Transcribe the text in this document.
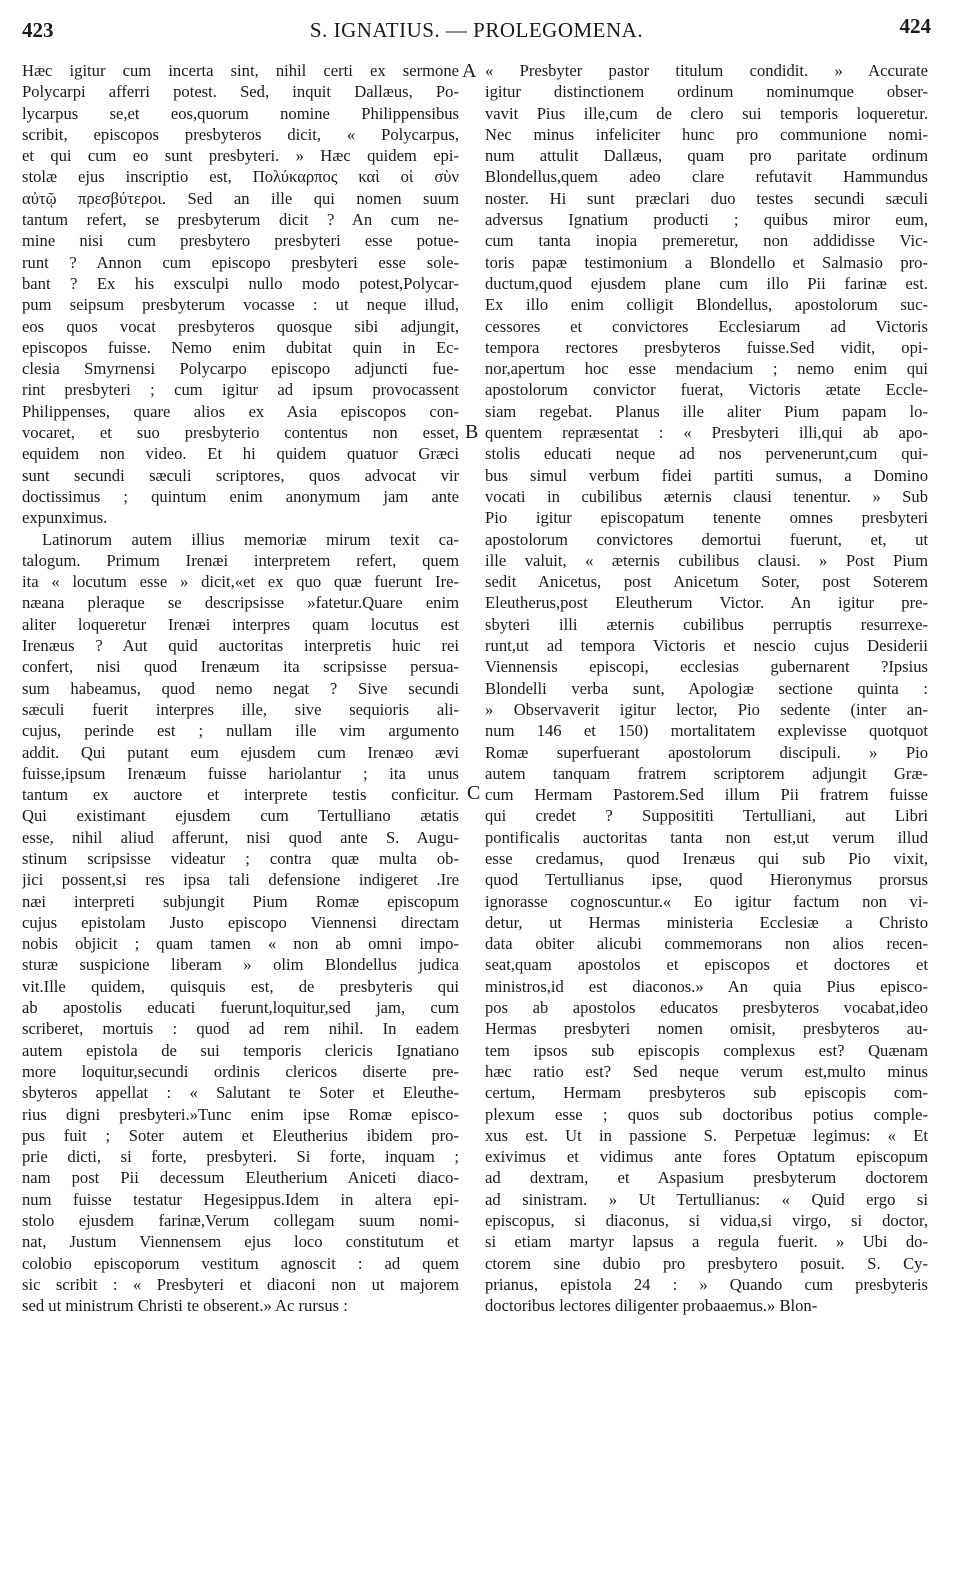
423	S. IGNATIUS. — PROLEGOMENA.	424
A
B
C
Hæc igitur cum incerta sint, nihil certi ex sermone
Polycarpi afferri potest. Sed, inquit Dallæus, Po-
lycarpus se,et eos,quorum nomine Philippensibus
scribit, episcopos presbyteros dicit, « Polycarpus,
et qui cum eo sunt presbyteri. » Hæc quidem epi-
stolæ ejus inscriptio est, Πολύκαρπος καὶ οἱ σὺν
αὐτῷ πρεσβύτεροι. Sed an ille qui nomen suum
tantum refert, se presbyterum dicit ? An cum ne-
mine nisi cum presbytero presbyteri esse potue-
runt ? Annon cum episcopo presbyteri esse sole-
bant ? Ex his exsculpi nullo modo potest,Polycar-
pum seipsum presbyterum vocasse : ut neque illud,
eos quos vocat presbyteros quosque sibi adjungit,
episcopos fuisse. Nemo enim dubitat quin in Ec-
clesia Smyrnensi Polycarpo episcopo adjuncti fue-
rint presbyteri ; cum igitur ad ipsum provocassent
Philippenses, quare alios ex Asia episcopos con-
vocaret, et suo presbyterio contentus non esset,
equidem non video. Et hi quidem quatuor Græci
sunt secundi sæculi scriptores, quos advocat vir
doctissimus ; quintum enim anonymum jam ante
expunximus.
Latinorum autem illius memoriæ mirum texit ca-
talogum. Primum Irenæi interpretem refert, quem
ita « locutum esse » dicit,«et ex quo quæ fuerunt Ire-
næana pleraque se descripsisse »fatetur.Quare enim
aliter loqueretur Irenæi interpres quam locutus est
Irenæus ? Aut quid auctoritas interpretis huic rei
confert, nisi quod Irenæum ita scripsisse persua-
sum habeamus, quod nemo negat ? Sive secundi
sæculi fuerit interpres ille, sive sequioris ali-
cujus, perinde est ; nullam ille vim argumento
addit. Qui putant eum ejusdem cum Irenæo ævi
fuisse,ipsum Irenæum fuisse hariolantur ; ita unus
tantum ex auctore et interprete testis conficitur.
Qui existimant ejusdem cum Tertulliano ætatis
esse, nihil aliud afferunt, nisi quod ante S. Augu-
stinum scripsisse videatur ; contra quæ multa ob-
jici possent,si res ipsa tali defensione indigeret .Ire
næi interpreti subjungit Pium Romæ episcopum
cujus epistolam Justo episcopo Viennensi directam
nobis objicit ; quam tamen « non ab omni impo-
sturæ suspicione liberam » olim Blondellus judica
vit.Ille quidem, quisquis est, de presbyteris qui
ab apostolis educati fuerunt,loquitur,sed jam, cum
scriberet, mortuis : quod ad rem nihil. In eadem
autem epistola de sui temporis clericis Ignatiano
more loquitur,secundi ordinis clericos diserte pre-
sbyteros appellat : « Salutant te Soter et Eleuthe-
rius digni presbyteri.»Tunc enim ipse Romæ episco-
pus fuit ; Soter autem et Eleutherius ibidem pro-
prie dicti, si forte, presbyteri. Si forte, inquam ;
nam post Pii decessum Eleutherium Aniceti diaco-
num fuisse testatur Hegesippus.Idem in altera epi-
stolo ejusdem farinæ,Verum collegam suum nomi-
nat, Justum Viennensem ejus loco constitutum et
colobio episcoporum vestitum agnoscit : ad quem
sic scribit : « Presbyteri et diaconi non ut majorem
sed ut ministrum Christi te obserent.» Ac rursus :
« Presbyter pastor titulum condidit. » Accurate
igitur distinctionem ordinum nominumque obser-
vavit Pius ille,cum de clero sui temporis loqueretur.
Nec minus infeliciter hunc pro communione nomi-
num attulit Dallæus, quam pro paritate ordinum
Blondellus,quem adeo clare refutavit Hammundus
noster. Hi sunt præclari duo testes secundi sæculi
adversus Ignatium producti ; quibus miror eum,
cum tanta inopia premeretur, non addidisse Vic-
toris papæ testimonium a Blondello et Salmasio pro-
ductum,quod ejusdem plane cum illo Pii farinæ est.
Ex illo enim colligit Blondellus, apostolorum suc-
cessores et convictores Ecclesiarum ad Victoris
tempora rectores presbyteros fuisse.Sed vidit, opi-
nor,apertum hoc esse mendacium ; nemo enim qui
apostolorum convictor fuerat, Victoris ætate Eccle-
siam regebat. Planus ille aliter Pium papam lo-
quentem repræsentat : « Presbyteri illi,qui ab apo-
stolis educati neque ad nos pervenerunt,cum qui-
bus simul verbum fidei partiti sumus, a Domino
vocati in cubilibus æternis clausi tenentur. » Sub
Pio igitur episcopatum tenente omnes presbyteri
apostolorum convictores demortui fuerunt, et, ut
ille valuit, « æternis cubilibus clausi. » Post Pium
sedit Anicetus, post Anicetum Soter, post Soterem
Eleutherus,post Eleutherum Victor. An igitur pre-
sbyteri illi æternis cubilibus perruptis resurrexe-
runt,ut ad tempora Victoris et nescio cujus Desiderii
Viennensis episcopi, ecclesias gubernarent ?Ipsius
Blondelli verba sunt, Apologiæ sectione quinta :
» Observaverit igitur lector, Pio sedente (inter an-
num 146 et 150) mortalitatem explevisse quotquot
Romæ superfuerant apostolorum discipuli. » Pio
autem tanquam fratrem scriptorem adjungit Græ-
cum Hermam Pastorem.Sed illum Pii fratrem fuisse
qui credet ? Supposititi Tertulliani, aut Libri
pontificalis auctoritas tanta non est,ut verum illud
esse credamus, quod Irenæus qui sub Pio vixit,
quod Tertullianus ipse, quod Hieronymus prorsus
ignorasse cognoscuntur.« Eo igitur factum non vi-
detur, ut Hermas ministeria Ecclesiæ a Christo
data obiter alicubi commemorans non alios recen-
seat,quam apostolos et episcopos et doctores et
ministros,id est diaconos.» An quia Pius episco-
pos ab apostolos educatos presbyteros vocabat,ideo
Hermas presbyteri nomen omisit, presbyteros au-
tem ipsos sub episcopis complexus est? Quænam
hæc ratio est? Sed neque verum est,multo minus
certum, Hermam presbyteros sub episcopis com-
plexum esse ; quos sub doctoribus potius comple-
xus est. Ut in passione S. Perpetuæ legimus: « Et
exivimus et vidimus ante fores Optatum episcopum
ad dextram, et Aspasium presbyterum doctorem
ad sinistram. » Ut Tertullianus: « Quid ergo si
episcopus, si diaconus, si vidua,si virgo, si doctor,
si etiam martyr lapsus a regula fuerit. » Ubi do-
ctorem sine dubio pro presbytero posuit. S. Cy-
prianus, epistola 24 : » Quando cum presbyteris
doctoribus lectores diligenter probaaemus.» Blon-
